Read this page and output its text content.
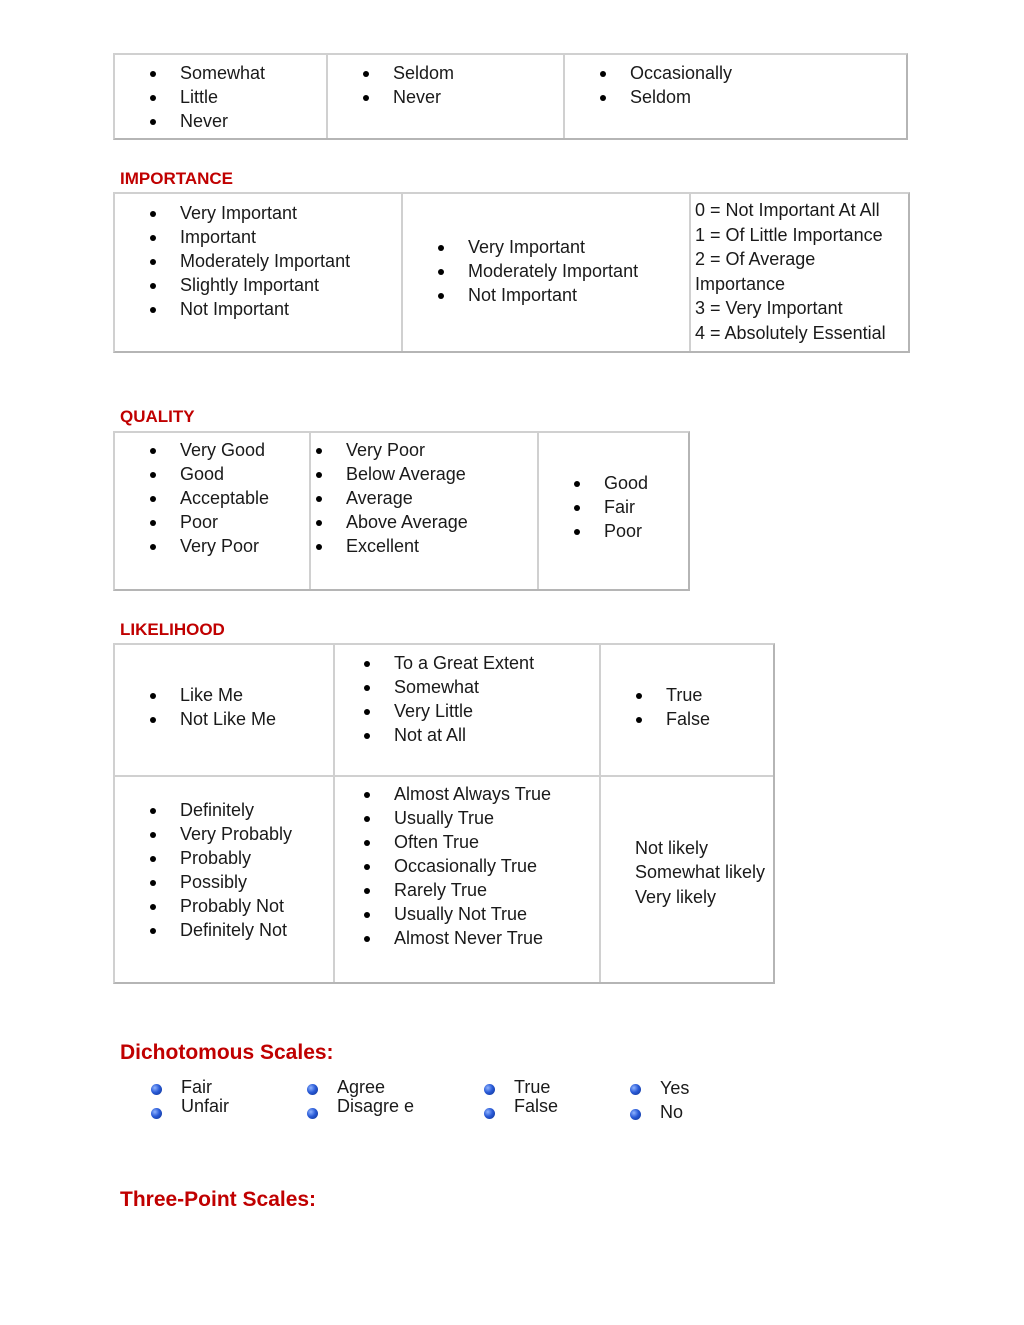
Somewhat
Little
Never
Seldom
Never
Occasionally
Seldom
IMPORTANCE
Very Important
Important
Moderately Important
Slightly Important
Not Important
Very Important
Moderately Important
Not Important
0 = Not Important At All
1 = Of Little Importance
2 = Of Average
Importance
3 = Very Important
4 = Absolutely Essential
QUALITY
Very Good
Good
Acceptable
Poor
Very Poor
Very Poor
Below Average
Average
Above Average
Excellent
Good
Fair
Poor
LIKELIHOOD
Like Me
Not Like Me
To a Great Extent
Somewhat
Very Little
Not at All
True
False
Definitely
Very Probably
Probably
Possibly
Probably Not
Definitely Not
Almost Always True
Usually True
Often True
Occasionally True
Rarely True
Usually Not True
Almost Never True
Not likely
Somewhat likely
Very likely
Dichotomous Scales:
Fair
Unfair
Agree
Disagre e
True
False
Yes
No
Three-Point Scales:
